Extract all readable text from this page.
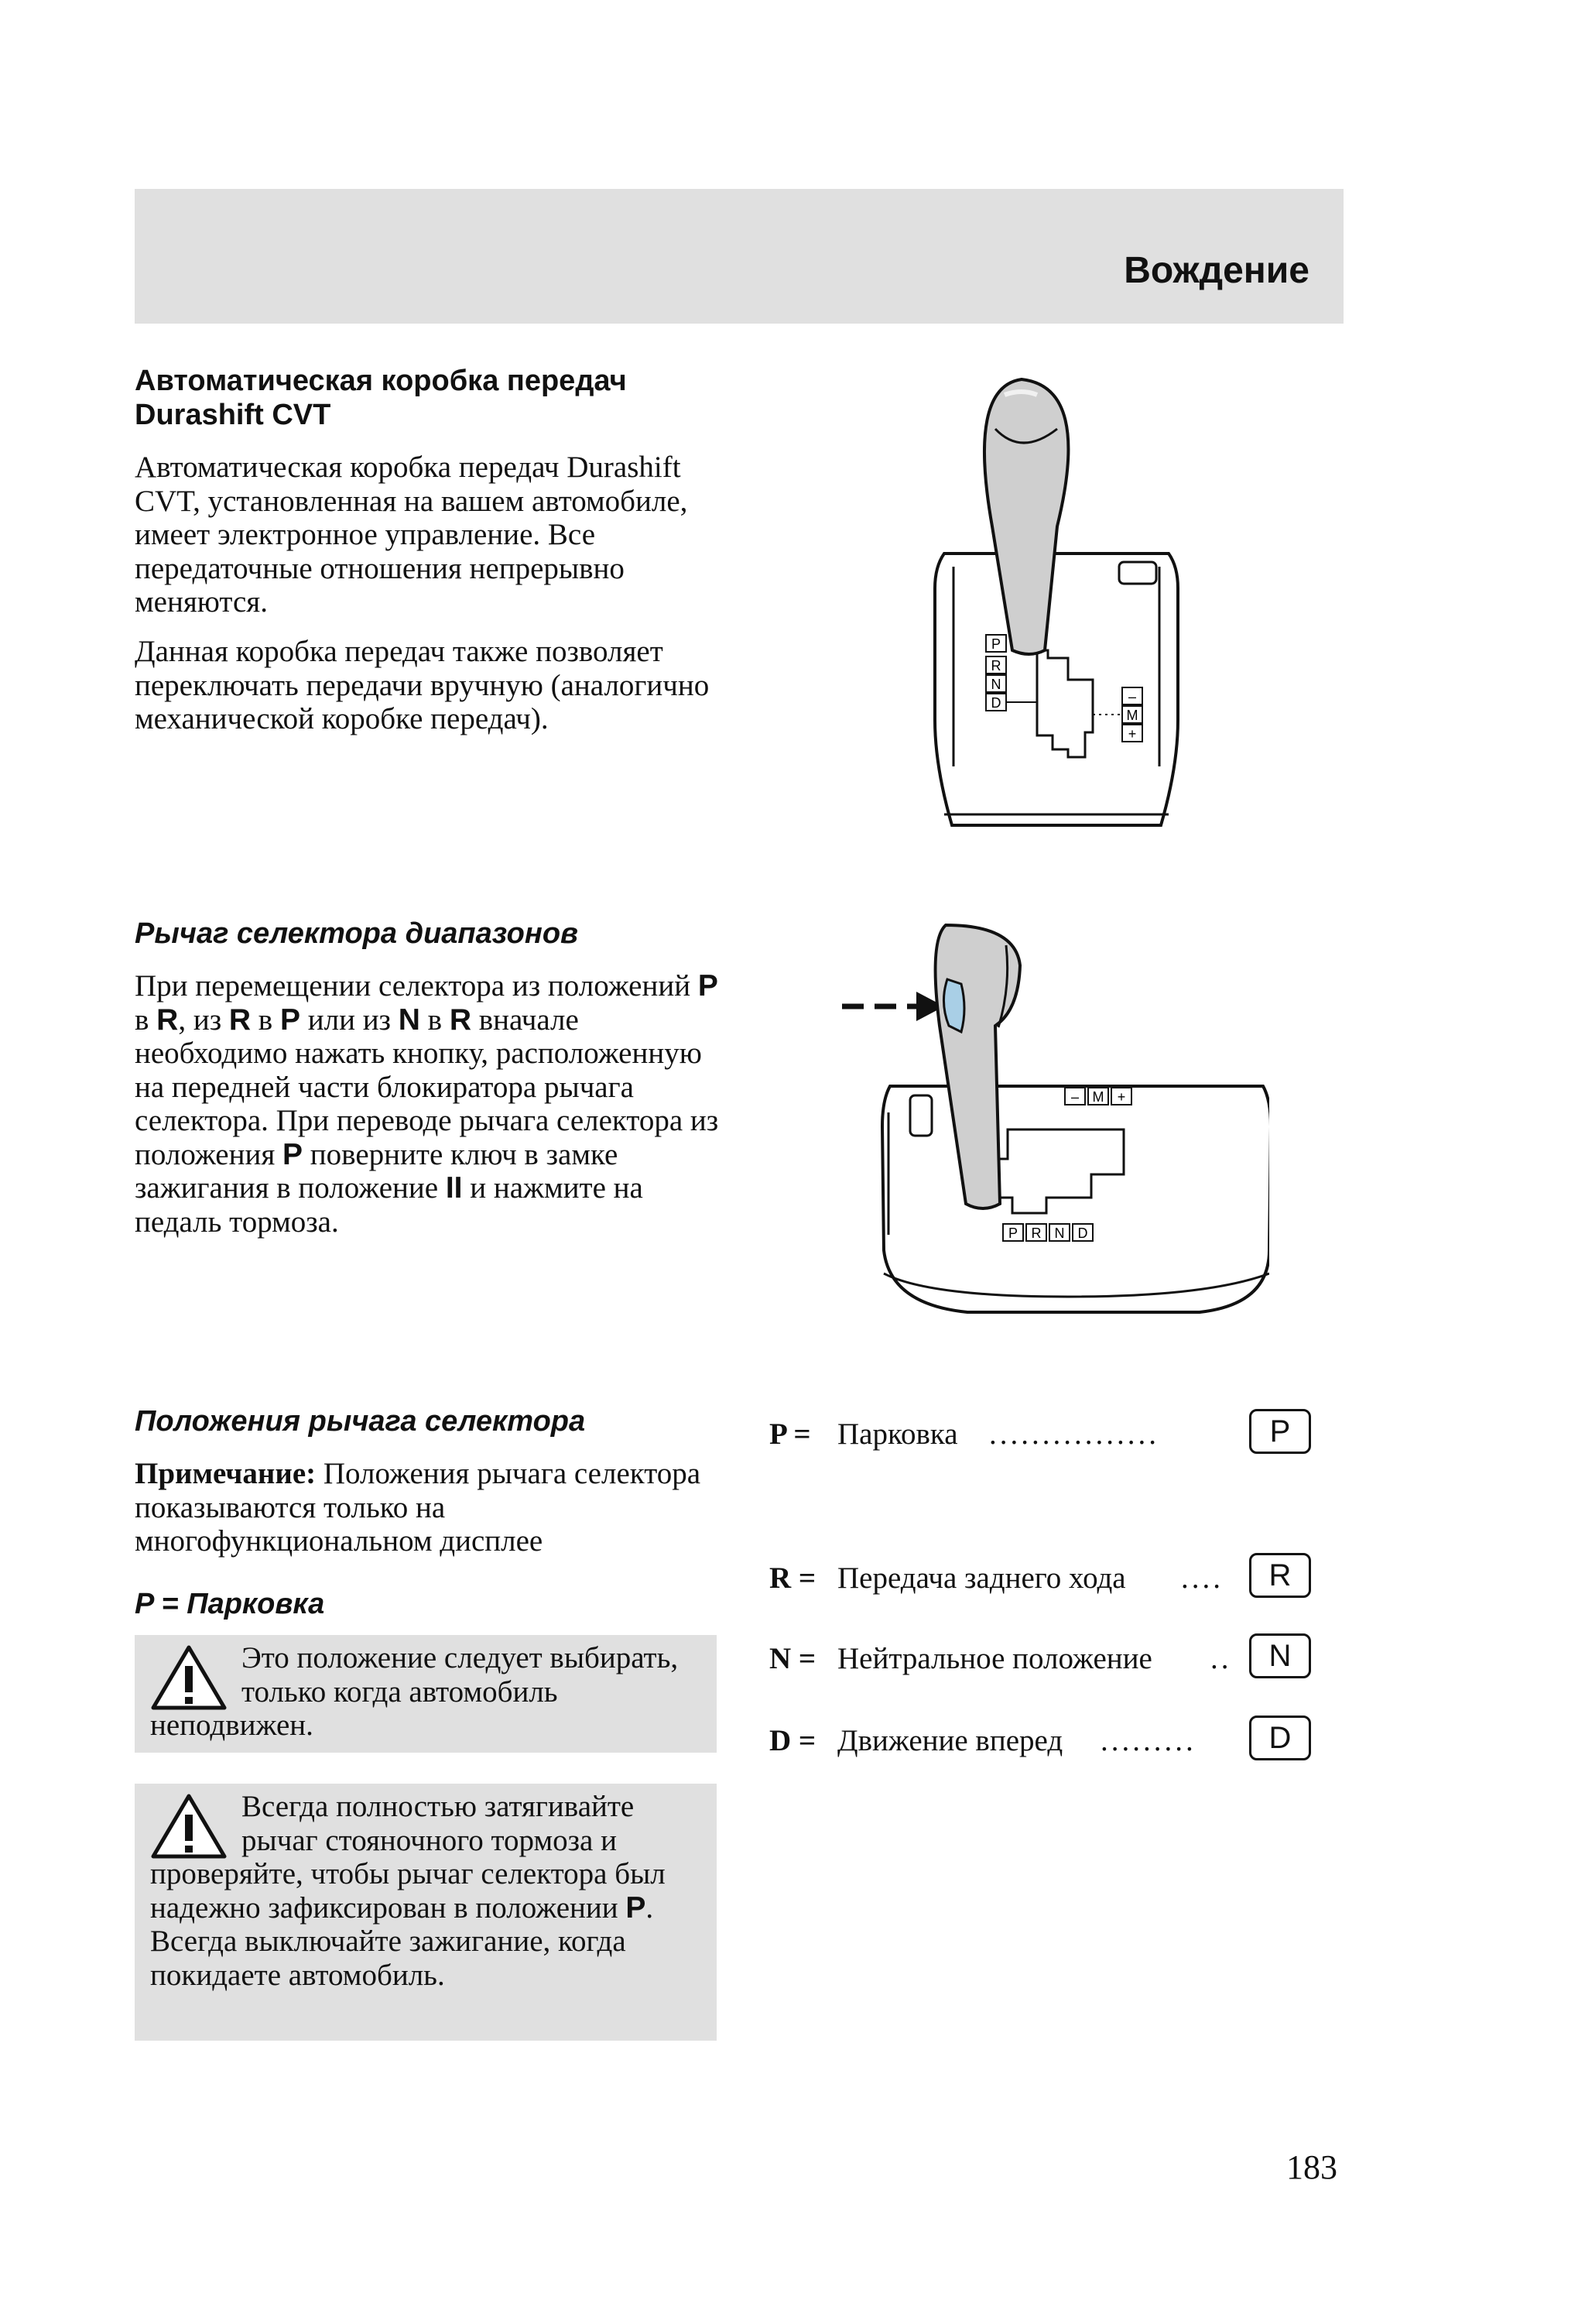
Вождение
Автоматическая коробка передач Durashift CVT
Автоматическая коробка передач Durashift CVT, установленная на вашем автомобиле, имеет электронное управление. Все передаточные отношения непрерывно меняются.
Данная коробка передач также позволяет переключать передачи вручную (аналогично механической коробке передач).
P
R
N
D	–
M
+
Рычаг селектора диапазонов
При перемещении селектора из положений P в R, из R в P или из N в R вначале необходимо нажать кнопку, расположенную на передней части блокиратора рычага селектора. При переводе рычага селектора из положения P поверните ключ в замке зажигания в положение II и нажмите на педаль тормоза.
– M +
P R N D
Положения рычага селектора
Примечание: Положения рычага селектора показываются только на многофункциональном дисплее
P = Парковка
Это положение следует выбирать, только когда автомобиль неподвижен.
Всегда полностью затягивайте рычаг стояночного тормоза и проверяйте, чтобы рычаг селектора был надежно зафиксирован в положении P. Всегда выключайте зажигание, когда покидаете автомобиль.
P = Парковка ................	P
R = Передача заднего хода ....	R
N = Нейтральное положение ..	N
D = Движение вперед .........	D
183
